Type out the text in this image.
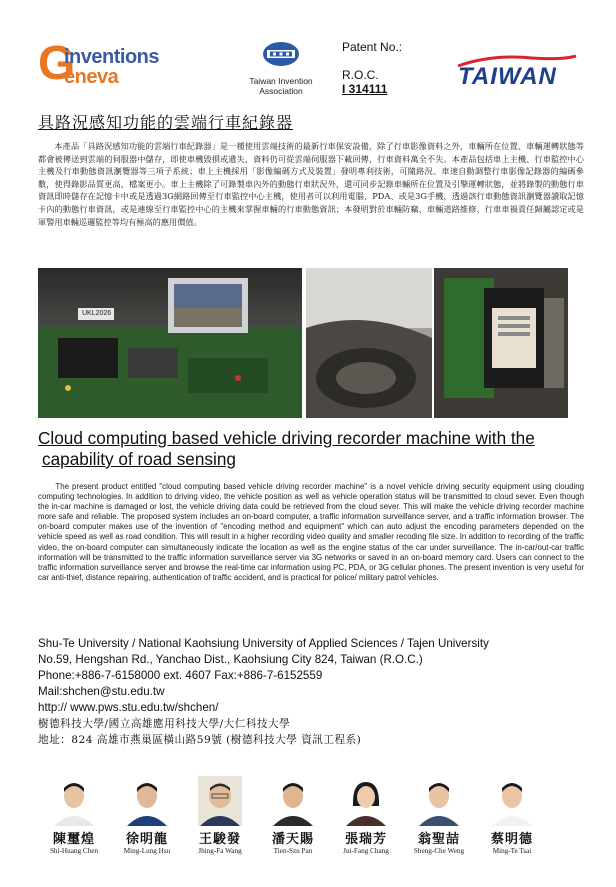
G
inventions
eneva	Taiwan Invention
Association
Patent No.:
R.O.C.
I 314111	TAIWAN
具路況感知功能的雲端行車紀錄器
本產品「具路況感知功能的雲端行車紀錄器」是一種使用雲端技術的最新行車保安設備，除了行車影像資料之外，車輛所在位置、車輛運轉狀態等都會被傳送到雲端的伺服器中儲存，即使車機毀損或遺失，資料仍可從雲端伺服器下載回傳，行車資料萬全不失。本產品包括車上主機、行車監控中心主機及行車動態資訊瀏覽器等三項子系統；車上主機採用「影像編碼方式及裝置」發明專利技術，可隨路況、車速自動調整行車影像記錄器的編碼參數，使得錄影品質更高，檔案更小。車上主機除了可錄製車內外的動態行車狀況外，還可同步記錄車輛所在位置及引擎運轉狀態，並將錄製的動態行車資訊即時儲存在記憶卡中或是透過3G網路回傳至行車監控中心主機，使用者可以利用電腦、PDA、或是3G手機，透過該行車動態資訊瀏覽器讀取記憶卡內的動態行車資訊，或是連線至行車監控中心的主機來掌握車輛的行車動態資訊；本發明對於車輛防竊、車輛道路維修、行車車禍責任歸屬認定或是軍警用車輛巡邏監控等均有極高的應用價值。
UKL2026
Cloud computing based vehicle driving recorder machine with the
capability of road sensing
The present product entitled "cloud computing based vehicle driving recorder machine" is a novel vehicle driving security equipment using clouding computing technologies. In addition to driving video, the vehicle position as well as vehicle operation status will be transmitted to cloud sever. Even though the in-car machine is damaged or lost, the vehicle driving data could be retrieved from the cloud sever. This will make the vehicle driving recorder machine more safe and reliable. The proposed system includes an on-board computer, a traffic information surveillance server, and a traffic information browser. The on-board computer makes use of the invention of "encoding method and equipment" which can auto adjust the encoding parameters depended on the vehicle speed as well as road condition. This will result in a higher recording video quality and smaller recoding file size. In addition to recording of the traffic video, the on-board computer can simultaneously indicate the location as well as the engine status of the car under surveillance. The in-car/out-car traffic information will be transmitted to the traffic information surveillance server via 3G networks or saved in an on-board memory card. Users can connect to the traffic information surveillance server and browse the real-time car information using PC, PDA, or 3G cellular phones. The present invention is very useful for car anti-thief, distance repairing, authentication of traffic accident, and is practical for police/ military patrol vehicles.
Shu-Te University / National Kaohsiung University of Applied Sciences / Tajen University
No.59, Hengshan Rd., Yanchao Dist., Kaohsiung City 824, Taiwan (R.O.C.)
Phone:+886-7-6158000 ext. 4607 Fax:+886-7-6152559
Mail:shchen@stu.edu.tw
http:// www.pws.stu.edu.tw/shchen/
樹德科技大學/國立高雄應用科技大學/大仁科技大學
地址：824 高雄市燕巢區橫山路59號 (樹德科技大學 資訊工程系)
陳璽煌
Shi-Huang Chen
徐明龍
Ming-Lung Hsu
王駿發
Jhing-Fa Wang
潘天賜
Tien-Szu Pan
張瑞芳
Jui-Fang Chang
翁聖喆
Sheng-Che Weng
蔡明德
Ming-Te Tsai
